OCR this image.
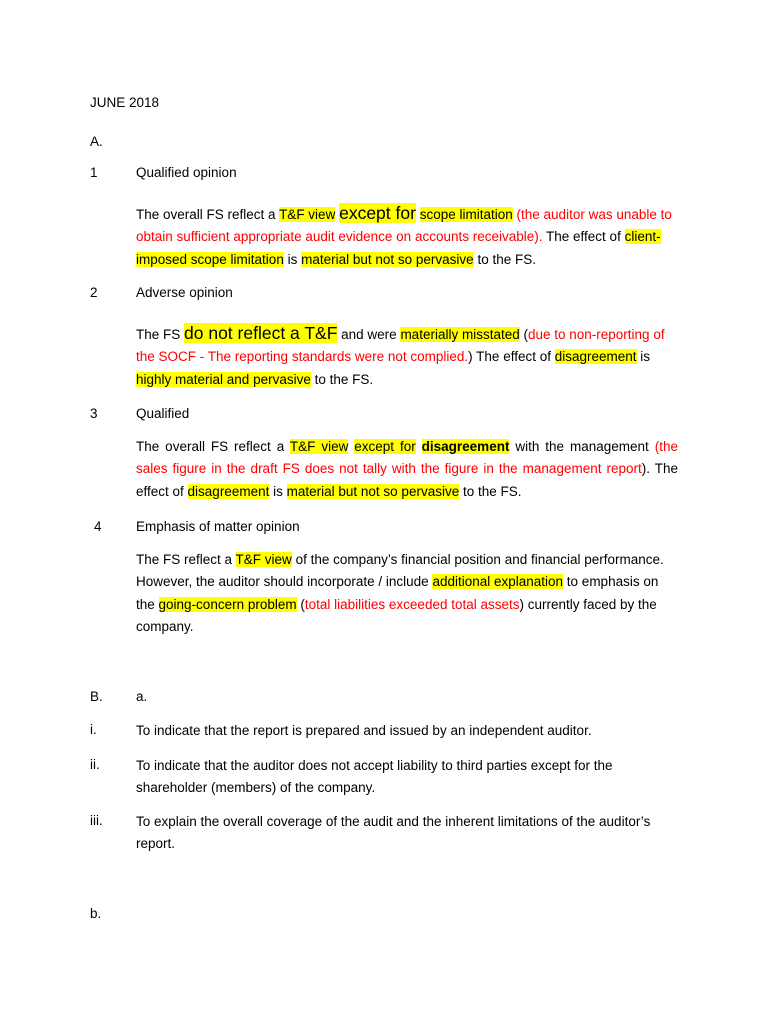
JUNE 2018
A.
1	Qualified opinion
The overall FS reflect a T&F view except for scope limitation (the auditor was unable to obtain sufficient appropriate audit evidence on accounts receivable). The effect of client-imposed scope limitation is material but not so pervasive to the FS.
2	Adverse opinion
The FS do not reflect a T&F and were materially misstated (due to non-reporting of the SOCF - The reporting standards were not complied.) The effect of disagreement is highly material and pervasive to the FS.
3	Qualified
The overall FS reflect a T&F view except for disagreement with the management (the sales figure in the draft FS does not tally with the figure in the management report). The effect of disagreement is material but not so pervasive to the FS.
4	Emphasis of matter opinion
The FS reflect a T&F view of the company’s financial position and financial performance. However, the auditor should incorporate / include additional explanation to emphasis on the going-concern problem (total liabilities exceeded total assets) currently faced by the company.
B. a.
i.	To indicate that the report is prepared and issued by an independent auditor.
ii.	To indicate that the auditor does not accept liability to third parties except for the shareholder (members) of the company.
iii. To explain the overall coverage of the audit and the inherent limitations of the auditor’s report.
b.
